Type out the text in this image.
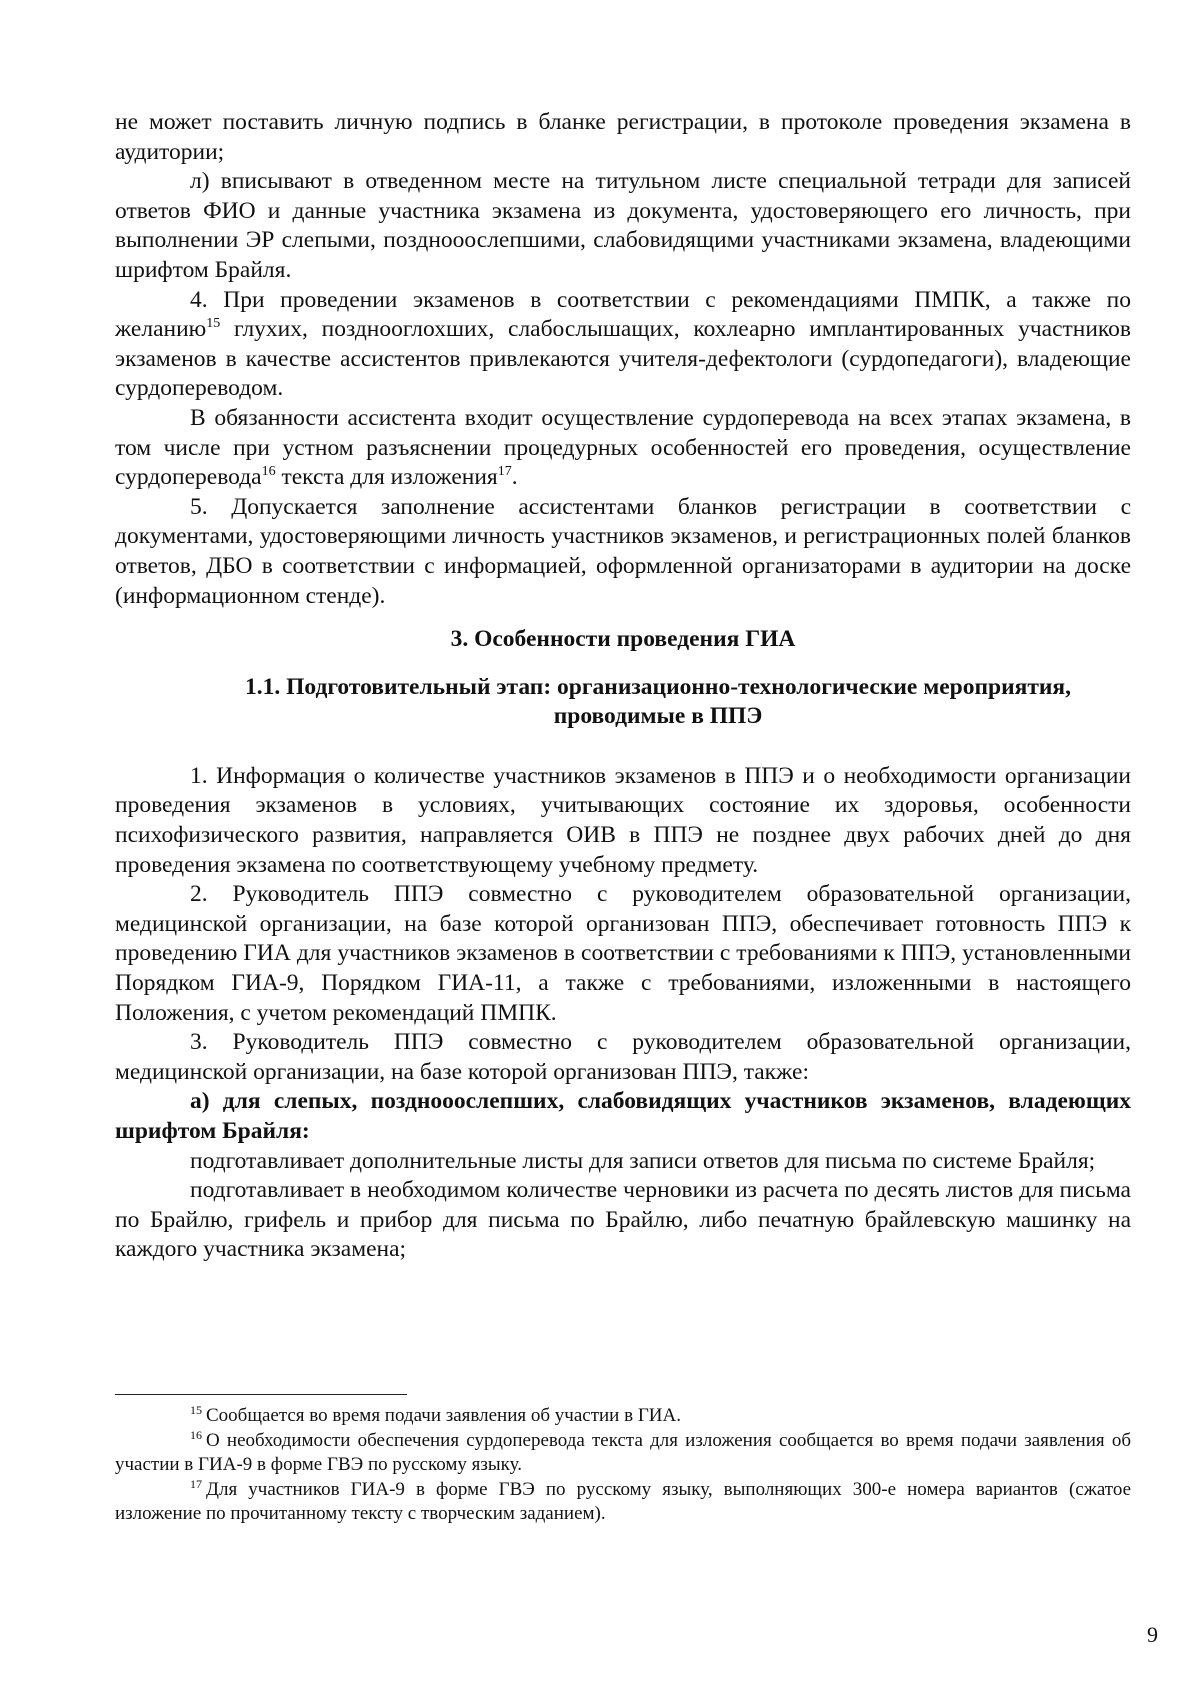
не может поставить личную подпись в бланке регистрации, в протоколе проведения экзамена в аудитории;

л) вписывают в отведенном месте на титульном листе специальной тетради для записей ответов ФИО и данные участника экзамена из документа, удостоверяющего его личность, при выполнении ЭР слепыми, позднооослепшими, слабовидящими участниками экзамена, владеющими шрифтом Брайля.

4. При проведении экзаменов в соответствии с рекомендациями ПМПК, а также по желанию$^{15}$ глухих, позднооглохших, слабослышащих, кохлеарно имплантированных участников экзаменов в качестве ассистентов привлекаются учителя-дефектологи (сурдопедагоги), владеющие сурдопереводом.

В обязанности ассистента входит осуществление сурдоперевода на всех этапах экзамена, в том числе при устном разъяснении процедурных особенностей его проведения, осуществление сурдоперевода$^{16}$ текста для изложения$^{17}$.

5. Допускается заполнение ассистентами бланков регистрации в соответствии с документами, удостоверяющими личность участников экзаменов, и регистрационных полей бланков ответов, ДБО в соответствии с информацией, оформленной организаторами в аудитории на доске (информационном стенде).

3. Особенности проведения ГИА

1.1. Подготовительный этап: организационно-технологические мероприятия, проводимые в ППЭ

1. Информация о количестве участников экзаменов в ППЭ и о необходимости организации проведения экзаменов в условиях, учитывающих состояние их здоровья, особенности психофизического развития, направляется ОИВ в ППЭ не позднее двух рабочих дней до дня проведения экзамена по соответствующему учебному предмету.

2. Руководитель ППЭ совместно с руководителем образовательной организации, медицинской организации, на базе которой организован ППЭ, обеспечивает готовность ППЭ к проведению ГИА для участников экзаменов в соответствии с требованиями к ППЭ, установленными Порядком ГИА-9, Порядком ГИА-11, а также с требованиями, изложенными в настоящего Положения, с учетом рекомендаций ПМПК.

3. Руководитель ППЭ совместно с руководителем образовательной организации, медицинской организации, на базе которой организован ППЭ, также:

а) для слепых, позднооослепших, слабовидящих участников экзаменов, владеющих шрифтом Брайля:

подготавливает дополнительные листы для записи ответов для письма по системе Брайля;

подготавливает в необходимом количестве черновики из расчета по десять листов для письма по Брайлю, грифель и прибор для письма по Брайлю, либо печатную брайлевскую машинку на каждого участника экзамена;

$^{15}$ Сообщается во время подачи заявления об участии в ГИА.

$^{16}$ О необходимости обеспечения сурдоперевода текста для изложения сообщается во время подачи заявления об участии в ГИА-9 в форме ГВЭ по русскому языку.

$^{17}$ Для участников ГИА-9 в форме ГВЭ по русскому языку, выполняющих 300-е номера вариантов (сжатое изложение по прочитанному тексту с творческим заданием).

9
